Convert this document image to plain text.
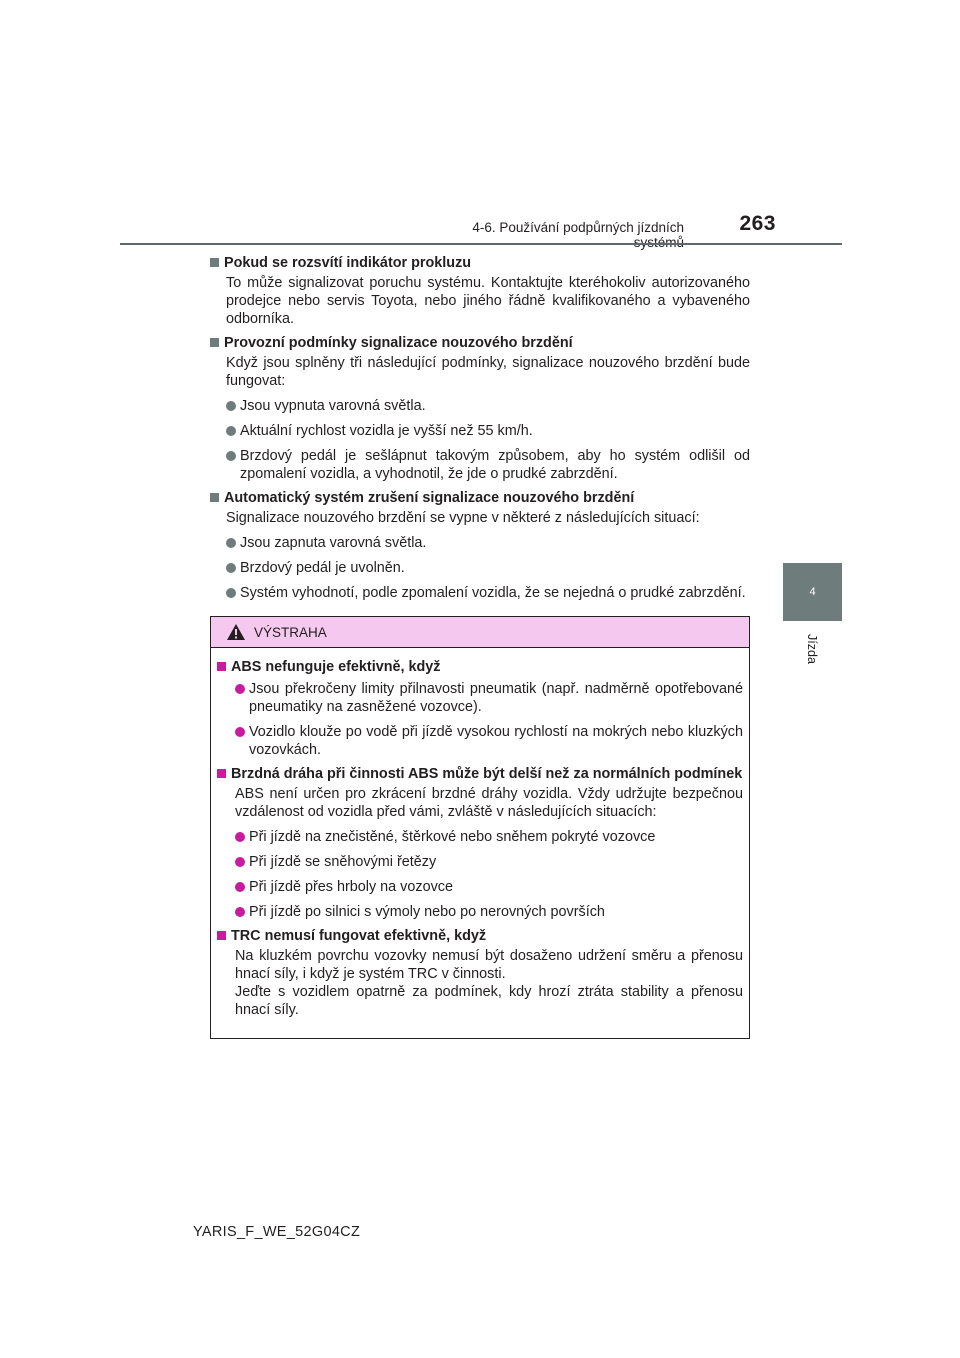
4-6. Používání podpůrných jízdních	263
4
Jízda
Pokud se rozsvítí indikátor prokluzu
To může signalizovat poruchu systému. Kontaktujte kteréhokoliv autorizovaného prodejce nebo servis Toyota, nebo jiného řádně kvalifikovaného a vybaveného odborníka.
Provozní podmínky signalizace nouzového brzdění
Když jsou splněny tři následující podmínky, signalizace nouzového brzdění bude fungovat:
Jsou vypnuta varovná světla.
Aktuální rychlost vozidla je vyšší než 55 km/h.
Brzdový pedál je sešlápnut takovým způsobem, aby ho systém odlišil od zpomalení vozidla, a vyhodnotil, že jde o prudké zabrzdění.
Automatický systém zrušení signalizace nouzového brzdění
Signalizace nouzového brzdění se vypne v některé z následujících situací:
Jsou zapnuta varovná světla.
Brzdový pedál je uvolněn.
Systém vyhodnotí, podle zpomalení vozidla, že se nejedná o prudké zabrzdění.
VÝSTRAHA
ABS nefunguje efektivně, když
Jsou překročeny limity přilnavosti pneumatik (např. nadměrně opotřebované pneumatiky na zasněžené vozovce).
Vozidlo klouže po vodě při jízdě vysokou rychlostí na mokrých nebo kluzkých vozovkách.
Brzdná dráha při činnosti ABS může být delší než za normálních podmínek
ABS není určen pro zkrácení brzdné dráhy vozidla. Vždy udržujte bezpečnou vzdálenost od vozidla před vámi, zvláště v následujících situacích:
Při jízdě na znečistěné, štěrkové nebo sněhem pokryté vozovce
Při jízdě se sněhovými řetězy
Při jízdě přes hrboly na vozovce
Při jízdě po silnici s výmoly nebo po nerovných površích
TRC nemusí fungovat efektivně, když
Na kluzkém povrchu vozovky nemusí být dosaženo udržení směru a přenosu hnací síly, i když je systém TRC v činnosti.
Jeďte s vozidlem opatrně za podmínek, kdy hrozí ztráta stability a přenosu hnací síly.
YARIS_F_WE_52G04CZ
